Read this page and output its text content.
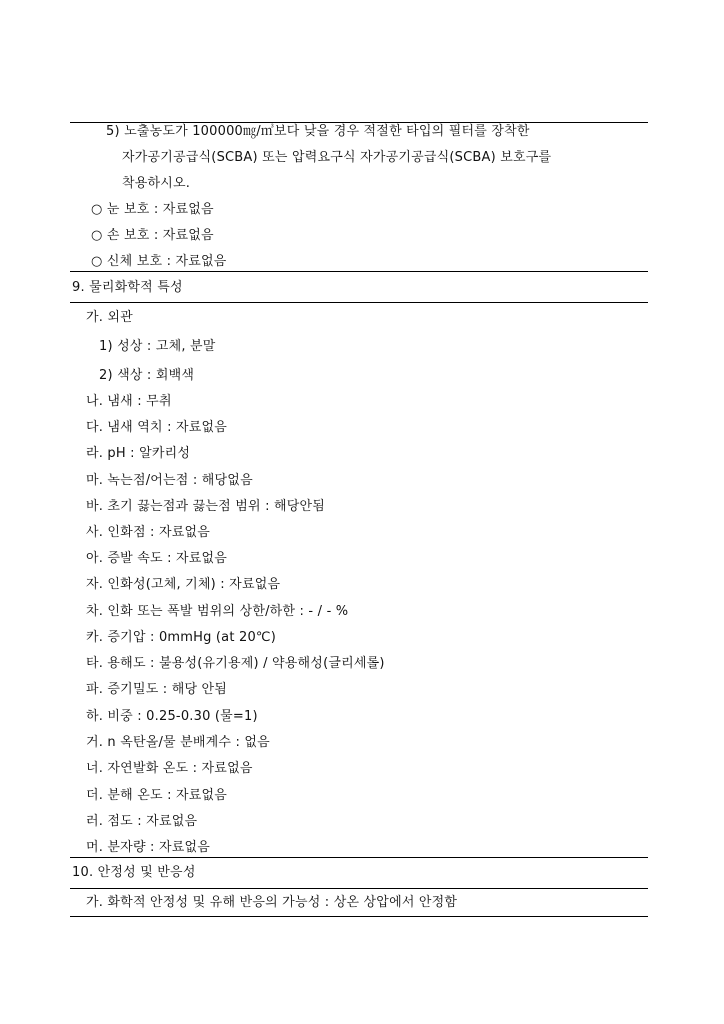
5) 노출농도가 100000㎎/㎥보다 낮을 경우 적절한 타입의 필터를 장착한
자가공기공급식(SCBA) 또는 압력요구식 자가공기공급식(SCBA) 보호구를
착용하시오.
○ 눈 보호 : 자료없음
○ 손 보호 : 자료없음
○ 신체 보호 : 자료없음
9. 물리화학적 특성
가. 외관
1) 성상 : 고체, 분말
2) 색상 : 회백색
나. 냄새 : 무취
다. 냄새 역치 : 자료없음
라. pH : 알카리성
마. 녹는점/어는점 : 해당없음
바. 초기 끓는점과 끓는점 범위 : 해당안됨
사. 인화점 : 자료없음
아. 증발 속도 : 자료없음
자. 인화성(고체, 기체) : 자료없음
차. 인화 또는 폭발 범위의 상한/하한 : - / - %
카. 증기압 : 0mmHg (at 20℃)
타. 용해도 : 불용성(유기용제) / 약용해성(글리세롤)
파. 증기밀도 : 해당 안됨
하. 비중 : 0.25-0.30 (물=1)
거. n 옥탄올/물 분배계수 : 없음
너. 자연발화 온도 : 자료없음
더. 분해 온도 : 자료없음
러. 점도 : 자료없음
머. 분자량 : 자료없음
10. 안정성 및 반응성
가. 화학적 안정성 및 유해 반응의 가능성 : 상온 상압에서 안정함
